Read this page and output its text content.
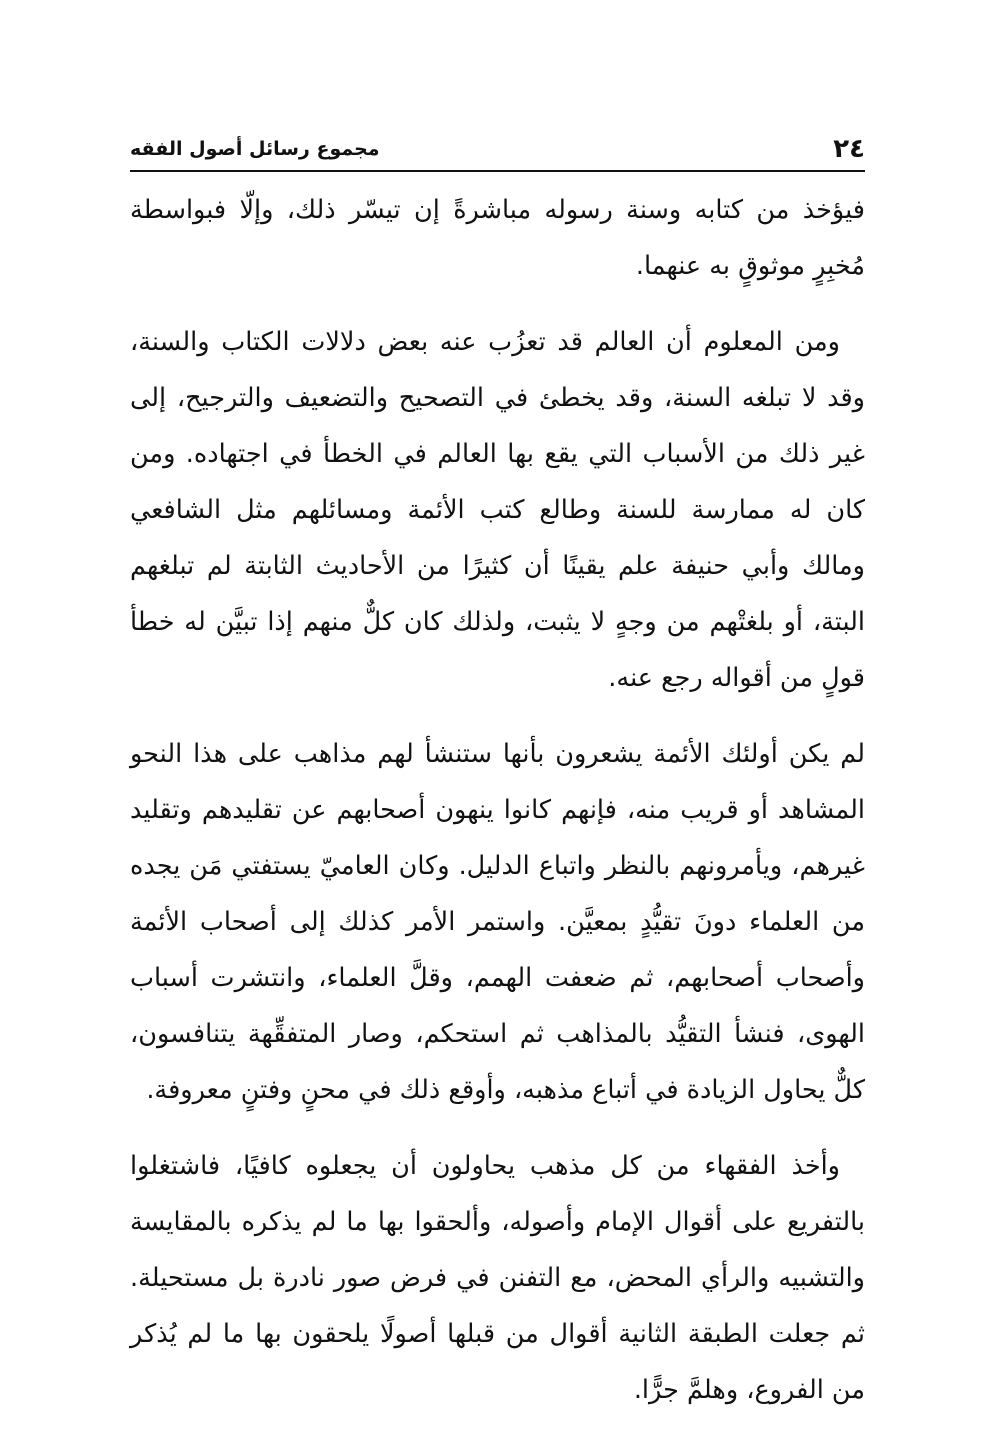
٢٤
مجموع رسائل أصول الفقه

فيؤخذ من كتابه وسنة رسوله مباشرةً إن تيسّر ذلك، وإلّا فبواسطة مُخبِرٍ موثوقٍ به عنهما.

ومن المعلوم أن العالم قد تعزُب عنه بعض دلالات الكتاب والسنة، وقد لا تبلغه السنة، وقد يخطئ في التصحيح والتضعيف والترجيح، إلى غير ذلك من الأسباب التي يقع بها العالم في الخطأ في اجتهاده. ومن كان له ممارسة للسنة وطالع كتب الأئمة ومسائلهم مثل الشافعي ومالك وأبي حنيفة علم يقينًا أن كثيرًا من الأحاديث الثابتة لم تبلغهم البتة، أو بلغتْهم من وجهٍ لا يثبت، ولذلك كان كلٌّ منهم إذا تبيَّن له خطأ قولٍ من أقواله رجع عنه.

لم يكن أولئك الأئمة يشعرون بأنها ستنشأ لهم مذاهب على هذا النحو المشاهد أو قريب منه، فإنهم كانوا ينهون أصحابهم عن تقليدهم وتقليد غيرهم، ويأمرونهم بالنظر واتباع الدليل. وكان العاميّ يستفتي مَن يجده من العلماء دونَ تقيُّدٍ بمعيَّن. واستمر الأمر كذلك إلى أصحاب الأئمة وأصحاب أصحابهم، ثم ضعفت الهمم، وقلَّ العلماء، وانتشرت أسباب الهوى، فنشأ التقيُّد بالمذاهب ثم استحكم، وصار المتفقِّهة يتنافسون، كلٌّ يحاول الزيادة في أتباع مذهبه، وأوقع ذلك في محنٍ وفتنٍ معروفة.

وأخذ الفقهاء من كل مذهب يحاولون أن يجعلوه كافيًا، فاشتغلوا بالتفريع على أقوال الإمام وأصوله، وألحقوا بها ما لم يذكره بالمقايسة والتشبيه والرأي المحض، مع التفنن في فرض صور نادرة بل مستحيلة. ثم جعلت الطبقة الثانية أقوال من قبلها أصولًا يلحقون بها ما لم يُذكر من الفروع، وهلمَّ جرًّا.
